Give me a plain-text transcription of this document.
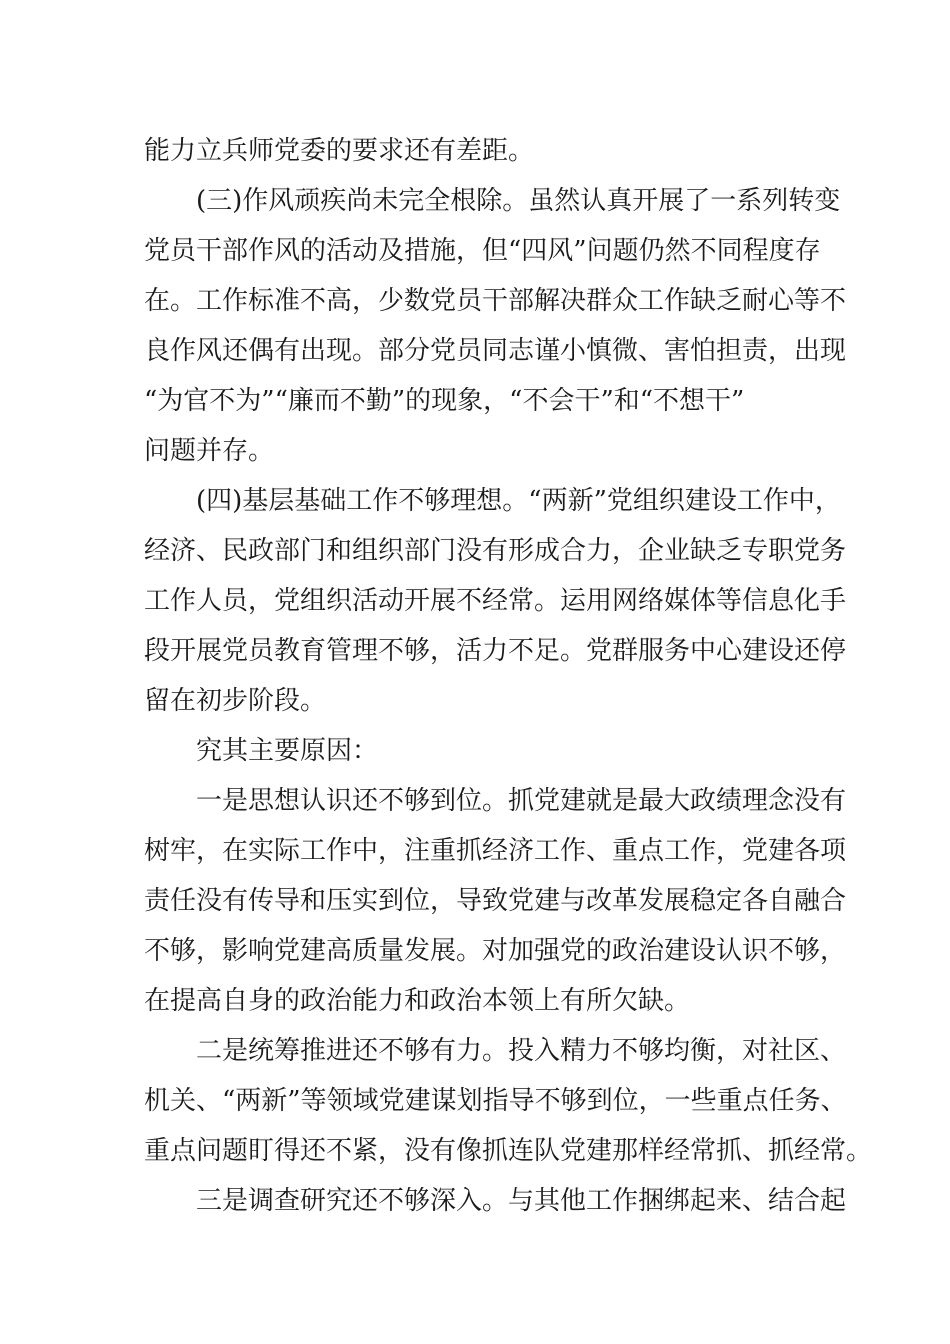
能力立兵师党委的要求还有差距。
(三)作风顽疾尚未完全根除。虽然认真开展了一系列转变
党员干部作风的活动及措施，但“四风”问题仍然不同程度存
在。工作标准不高，少数党员干部解决群众工作缺乏耐心等不
良作风还偶有出现。部分党员同志谨小慎微、害怕担责，出现
“为官不为”“廉而不勤”的现象，“不会干”和“不想干”
问题并存。
(四)基层基础工作不够理想。“两新”党组织建设工作中，
经济、民政部门和组织部门没有形成合力，企业缺乏专职党务
工作人员，党组织活动开展不经常。运用网络媒体等信息化手
段开展党员教育管理不够，活力不足。党群服务中心建设还停
留在初步阶段。
究其主要原因：
一是思想认识还不够到位。抓党建就是最大政绩理念没有
树牢，在实际工作中，注重抓经济工作、重点工作，党建各项
责任没有传导和压实到位，导致党建与改革发展稳定各自融合
不够，影响党建高质量发展。对加强党的政治建设认识不够，
在提高自身的政治能力和政治本领上有所欠缺。
二是统筹推进还不够有力。投入精力不够均衡，对社区、
机关、“两新”等领域党建谋划指导不够到位，一些重点任务、
重点问题盯得还不紧，没有像抓连队党建那样经常抓、抓经常。
三是调查研究还不够深入。与其他工作捆绑起来、结合起
